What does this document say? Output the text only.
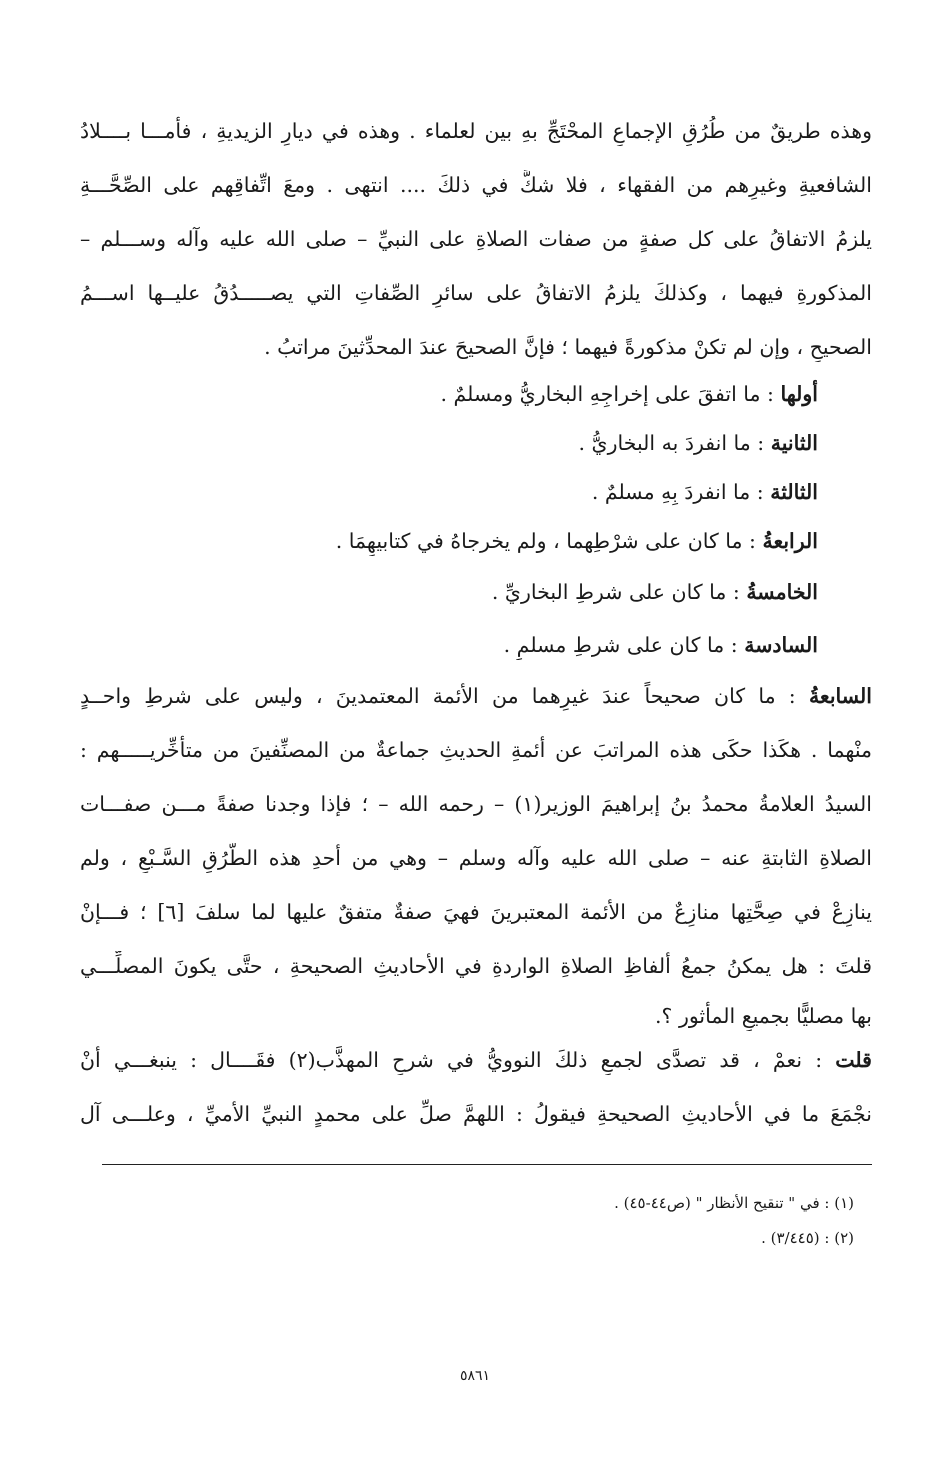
وهذه طريقٌ من طُرُقِ الإجماعِ المحْتَجِّ بهِ بين لعلماء . وهذه في ديارِ الزيديةِ ، فأمـــا بــــلادُ
الشافعيةِ وغيرِهم من الفقهاء ، فلا شكَّ في ذلكَ .... انتهى . ومعَ اتِّفاقِهم على الصِّحَّـــةِ
يلزمُ الاتفاقُ على كل صفةٍ من صفات الصلاةِ على النبيِّ – صلى الله عليه وآله وســـلم –
المذكورةِ فيهما ، وكذلكَ يلزمُ الاتفاقُ على سائرِ الصِّفاتِ التي يصـــــدُقُ عليــها اســـمُ
الصحيحِ ، وإن لم تكنْ مذكورةً فيهما ؛ فإنَّ الصحيحَ عندَ المحدِّثينَ مراتبُ .
أولها : ما اتفقَ على إخراجِهِ البخاريُّ ومسلمٌ .
الثانية : ما انفردَ به البخاريُّ .
الثالثة : ما انفردَ بِهِ مسلمٌ .
الرابعةُ : ما كان على شرْطِهما ، ولم يخرجاهُ في كتابيهِمَا .
الخامسةُ : ما كان على شرطِ البخاريِّ .
السادسة : ما كان على شرطِ مسلمٍ .
السابعةُ : ما كان صحيحاً عندَ غيرِهما من الأئمة المعتمدينَ ، وليس على شرطِ واحــدٍ
منْهما . هكَذا حكَى هذه المراتبَ عن أئمةِ الحديثِ جماعةٌ من المصنِّفينَ من متأخِّريـــــهم :
السيدُ العلامةُ محمدُ بنُ إبراهيمَ الوزير(١) – رحمه الله – ؛ فإذا وجدنا صفةً مـــن صفـــات
الصلاةِ الثابتةِ عنه – صلى الله عليه وآله وسلم – وهي من أحدِ هذه الطُّرُقِ السَّـبْعِ ، ولم
ينازِعْ في صِحَّتِها منازِعٌ من الأئمة المعتبرينَ فهيَ صفةٌ متفقٌ عليها لما سلفَ [٦] ؛ فـــإنْ
قلتَ : هل يمكنُ جمعُ ألفاظِ الصلاةِ الواردةِ في الأحاديثِ الصحيحةِ ، حتَّى يكونَ المصلِّـــي
بها مصليًّا بجميعِ المأثور ؟.
قلت : نعمْ ، قد تصدَّى لجمعِ ذلكَ النوويُّ في شرحِ المهذَّب(٢) فقَــــال : ينبغـــي أنْ
نجْمَعَ ما في الأحاديثِ الصحيحةِ فيقولُ : اللهمَّ صلِّ على محمدٍ النبيِّ الأميِّ ، وعلـــى آل
(١) : في " تنقيح الأنظار " (ص٤٤-٤٥) .
(٢) : (٣/٤٤٥) .
٥٨٦١
